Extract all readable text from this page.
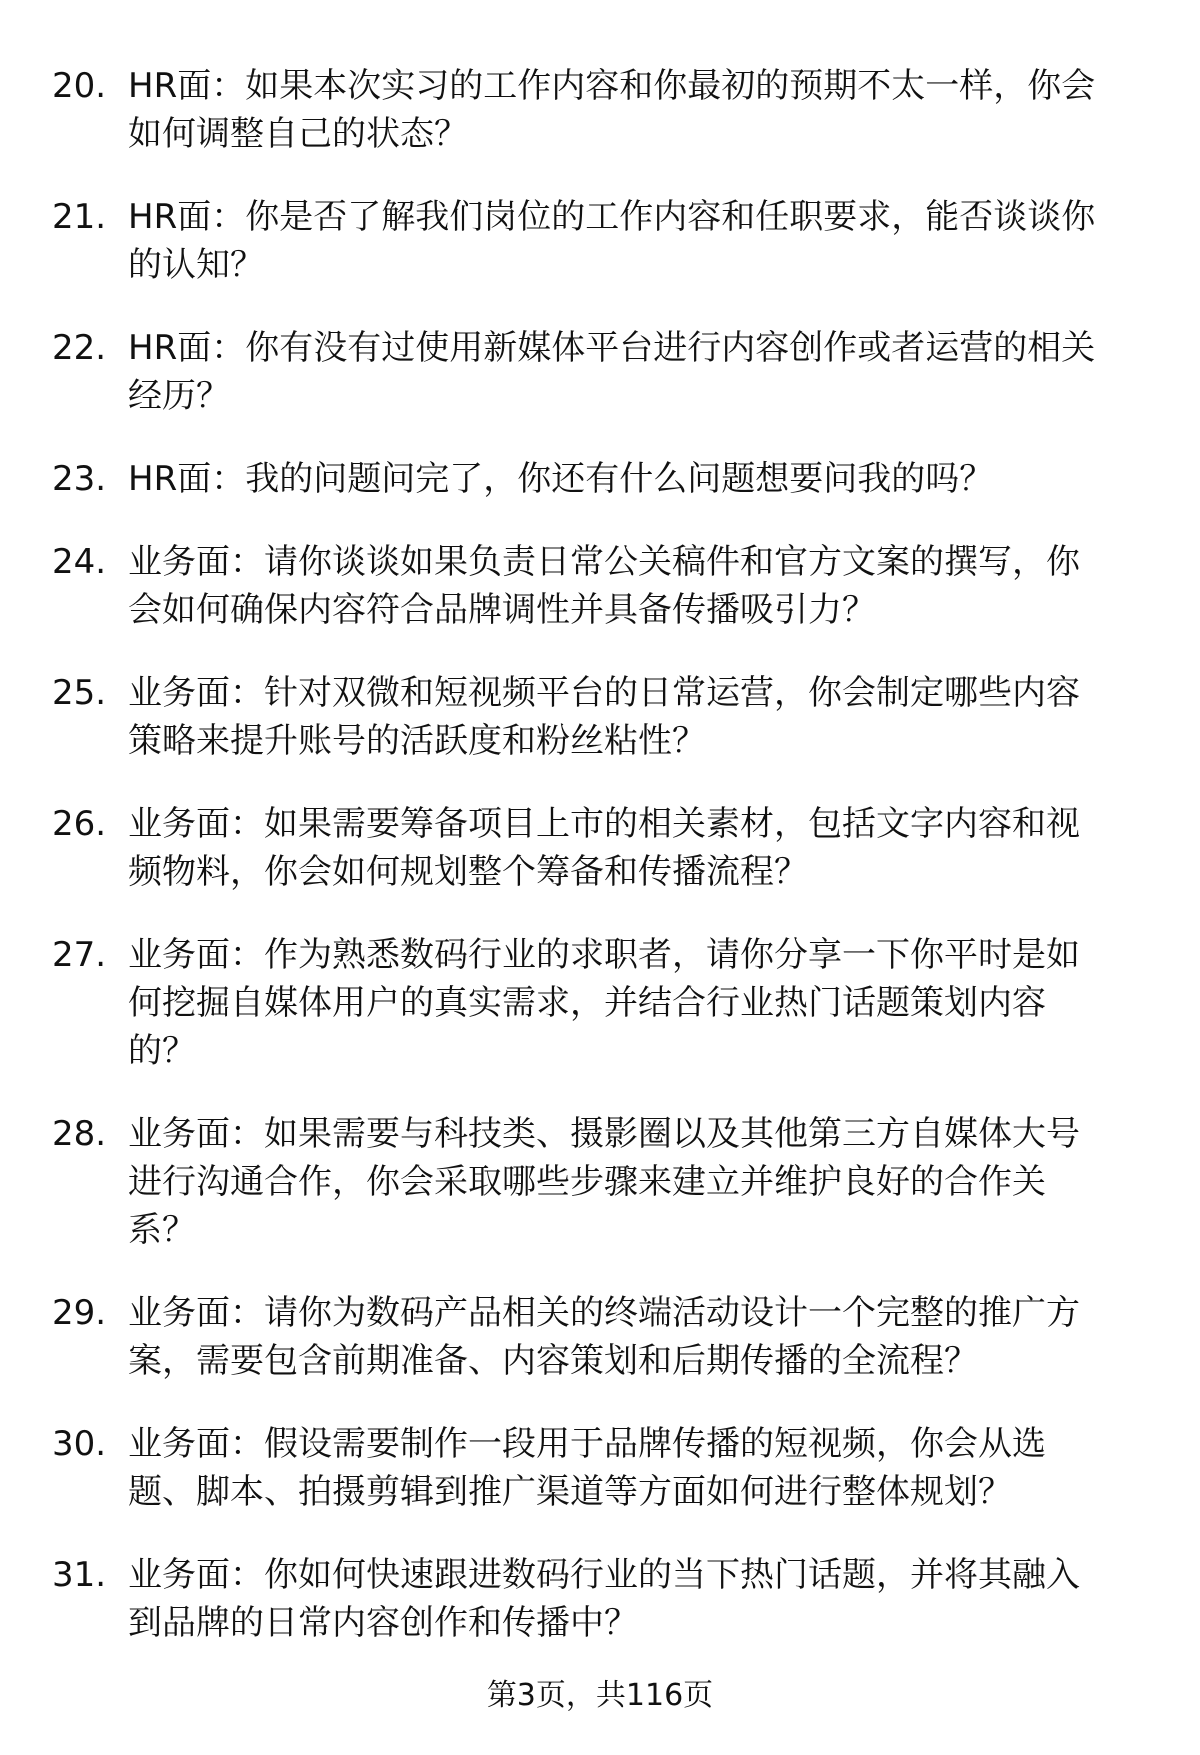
20. HR面：如果本次实习的工作内容和你最初的预期不太一样，你会
如何调整自己的状态？
21. HR面：你是否了解我们岗位的工作内容和任职要求，能否谈谈你
的认知？
22. HR面：你有没有过使用新媒体平台进行内容创作或者运营的相关
经历？
23. HR面：我的问题问完了，你还有什么问题想要问我的吗？
24. 业务面：请你谈谈如果负责日常公关稿件和官方文案的撰写，你
会如何确保内容符合品牌调性并具备传播吸引力？
25. 业务面：针对双微和短视频平台的日常运营，你会制定哪些内容
策略来提升账号的活跃度和粉丝粘性？
26. 业务面：如果需要筹备项目上市的相关素材，包括文字内容和视
频物料，你会如何规划整个筹备和传播流程？
27. 业务面：作为熟悉数码行业的求职者，请你分享一下你平时是如
何挖掘自媒体用户的真实需求，并结合行业热门话题策划内容
的？
28. 业务面：如果需要与科技类、摄影圈以及其他第三方自媒体大号
进行沟通合作，你会采取哪些步骤来建立并维护良好的合作关
系？
29. 业务面：请你为数码产品相关的终端活动设计一个完整的推广方
案，需要包含前期准备、内容策划和后期传播的全流程？
30. 业务面：假设需要制作一段用于品牌传播的短视频，你会从选
题、脚本、拍摄剪辑到推广渠道等方面如何进行整体规划？
31. 业务面：你如何快速跟进数码行业的当下热门话题，并将其融入
到品牌的日常内容创作和传播中？
第3页，共116页
